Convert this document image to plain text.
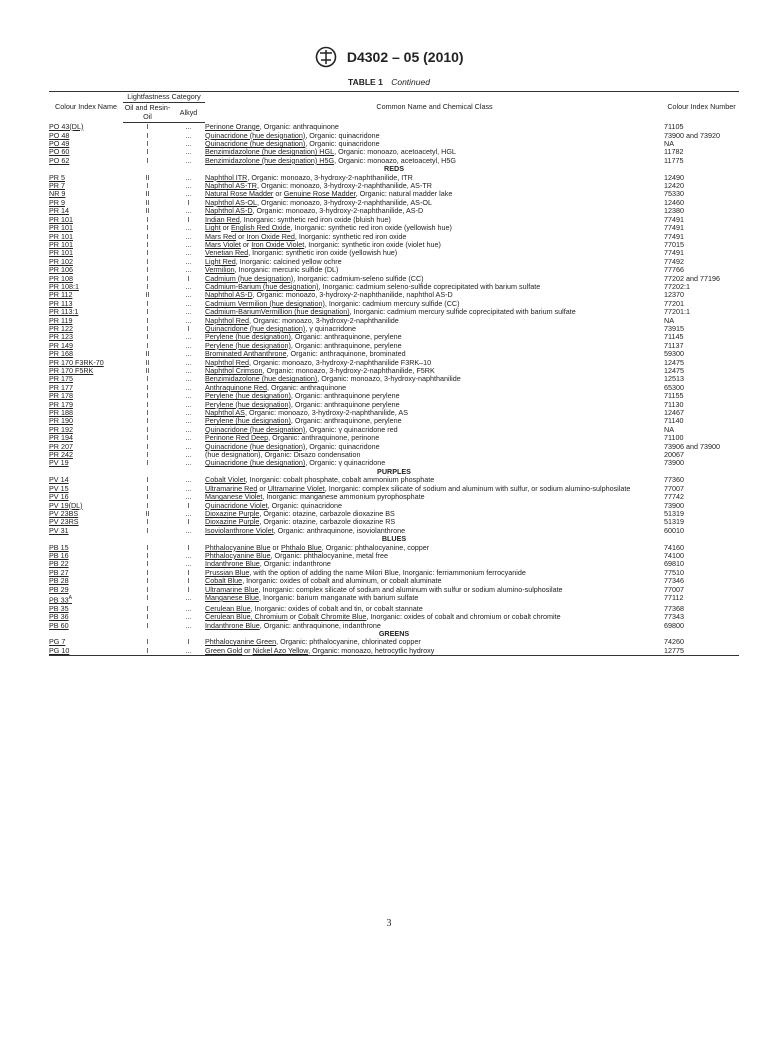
D4302 – 05 (2010)
TABLE 1 Continued
Colour Index Name	Lightfastness Category		Common Name and Chemical Class	Colour Index Number
	Oil and Resin-Oil	Alkyd		
PO 43(DL)	I	...	Perinone Orange, Organic: anthraquinone	71105
PO 48	I	...	Quinacridone (hue designation), Organic: quinacridone	73900 and 73920
PO 49	I	...	Quinacridone (hue designation), Organic: quinacridone	NA
PO 60	I	...	Benzimidazolone (hue designation) HGL, Organic: monoazo, acetoacetyl, HGL	11782
PO 62	I	...	Benzimidazolone (hue designation) H5G, Organic: monoazo, acetoacetyl, H5G	11775
REDS				
PR 5	II	...	Naphthol ITR, Organic: monoazo, 3-hydroxy-2-naphthanilide, ITR	12490
PR 7	I	...	Naphthol AS-TR, Organic: monoazo, 3-hydroxy-2-naphthanilide, AS-TR	12420
NR 9	II	...	Natural Rose Madder or Genuine Rose Madder, Organic: natural madder lake	75330
PR 9	II	I	Naphthol AS-OL, Organic: monoazo, 3-hydroxy-2-naphthanilide, AS-OL	12460
PR 14	II	...	Naphthol AS-D, Organic: monoazo, 3-hydroxy-2-naphthanilide, AS-D	12380
PR 101	I	I	Indian Red, Inorganic: synthetic red iron oxide (bluish hue)	77491
PR 101	I	...	Light or English Red Oxide, Inorganic: synthetic red iron oxide (yellowish hue)	77491
PR 101	I	...	Mars Red or Iron Oxide Red, Inorganic: synthetic red iron oxide	77491
PR 101	I	...	Mars Violet or Iron Oxide Violet, Inorganic: synthetic iron oxide (violet hue)	77015
PR 101	I	...	Venetian Red, Inorganic: synthetic iron oxide (yellowish hue)	77491
PR 102	I	...	Light Red, Inorganic: calcined yellow ochre	77492
PR 106	I	...	Vermilion, Inorganic: mercuric sulfide (DL)	77766
PR 108	I	I	Cadmium (hue designation), Inorganic: cadmium-seleno sulfide (CC)	77202 and 77196
PR 108:1	I	...	Cadmium-Barium (hue designation), Inorganic: cadmium seleno-sulfide coprecipitated with barium sulfate	77202:1
PR 112	II	...	Naphthol AS-D, Organic: monoazo, 3-hydroxy-2-naphthanilide, naphthol AS-D	12370
PR 113	I	...	Cadmium Vermilion (hue designation), Inorganic: cadmium mercury sulfide (CC)	77201
PR 113:1	I	...	Cadmium-BariumVermillion (hue designation), Inorganic: cadmium mercury sulfide coprecipitated with barium sulfate	77201:1
PR 119	I	...	Naphthol Red, Organic: monoazo, 3-hydroxy-2-naphthanilide	NA
PR 122	I	I	Quinacridone (hue designation), γ quinacridone	73915
PR 123	I	...	Perylene (hue designation), Organic: anthraquinone, perylene	71145
PR 149	I	...	Perylene (hue designation), Organic: anthraquinone, perylene	71137
PR 168	II	...	Brominated Anthanthrone, Organic: anthraquinone, brominated	59300
PR 170 F3RK-70	II	...	Naphthol Red, Organic: monoazo, 3-hydroxy-2-naphthanilide F3RK–10	12475
PR 170 F5RK	II	...	Naphthol Crimson, Organic: monoazo, 3-hydroxy-2-naphthanilide, F5RK	12475
PR 175	I	...	Benzimidazolone (hue designation), Organic: monoazo, 3-hydroxy-naphthanilide	12513
PR 177	I	...	Anthraquinone Red, Organic: anthraquinone	65300
PR 178	I	...	Perylene (hue designation), Organic: anthraquinone perylene	71155
PR 179	I	...	Perylene (hue designation), Organic: anthraquinone perylene	71130
PR 188	I	...	Naphthol AS, Organic: monoazo, 3-hydroxy-2-naphthanilide, AS	12467
PR 190	I	...	Perylene (hue designation), Organic: anthraquinone, perylene	71140
PR 192	I	...	Quinacridone (hue designation), Organic: γ quinacridone red	NA
PR 194	I	...	Perinone Red Deep, Organic: anthraquinone, perinone	71100
PR 207	I	...	Quinacridone (hue designation), Organic: quinacridone	73906 and 73900
PR 242	I	...	(hue designation), Organic: Disazo condensation	20067
PV 19	I	...	Quinacridone (hue designation), Organic: γ quinacridone	73900
PURPLES				
PV 14	I	...	Cobalt Violet, Inorganic: cobalt phosphate, cobalt ammonium phosphate	77360
PV 15	I	...	Ultramarine Red or Ultramarine Violet, Inorganic: complex silicate of sodium and aluminum with sulfur, or sodium alumino-sulphosilate	77007
PV 16	I	...	Manganese Violet, Inorganic: manganese ammonium pyrophosphate	77742
PV 19(DL)	I	I	Quinacridone Violet, Organic: quinacridone	73900
PV 23BS	II	...	Dioxazine Purple, Organic: otazine, carbazole dioxazine BS	51319
PV 23RS	I	I	Dioxazine Purple, Organic: otazine, carbazole dioxazine RS	51319
PV 31	I	...	Isoviolanthrone Violet, Organic: anthraquinone, isoviolanthrone	60010
BLUES				
PB 15	I	I	Phthalocyanine Blue or Phthalo Blue, Organic: phthalocyanine, copper	74160
PB 16	I	...	Phthalocyanine Blue, Organic: phthalocyanine, metal free	74100
PB 22	I	...	Indanthrone Blue, Organic: indanthrone	69810
PB 27	I	I	Prussian Blue, with the option of adding the name Milori Blue, Inorganic: ferriammonium ferrocyanide	77510
PB 28	I	I	Cobalt Blue, Inorganic: oxides of cobalt and aluminum, or cobalt aluminate	77346
PB 29	I	I	Ultramarine Blue, Inorganic: complex silicate of sodium and aluminum with sulfur or sodium alumino-sulphosilate	77007
PB $33^A$	I	...	Manganese Blue, Inorganic: barium manganate with barium sulfate	77112
PB 35	I	...	Cerulean Blue, Inorganic: oxides of cobalt and tin, or cobalt stannate	77368
PB 36	I	...	Cerulean Blue, Chromium or Cobalt Chromite Blue, Inorganic: oxides of cobalt and chromium or cobalt chromite	77343
PB 60	I	...	Indanthrone Blue, Organic: anthraquinone, indanthrone	69800
GREENS				
PG 7	I	I	Phthalocyanine Green, Organic: phthalocyanine, chlorinated copper	74260
PG 10	I	...	Green Gold or Nickel Azo Yellow, Organic: monoazo, hetrocytlic hydroxy	12775
3
